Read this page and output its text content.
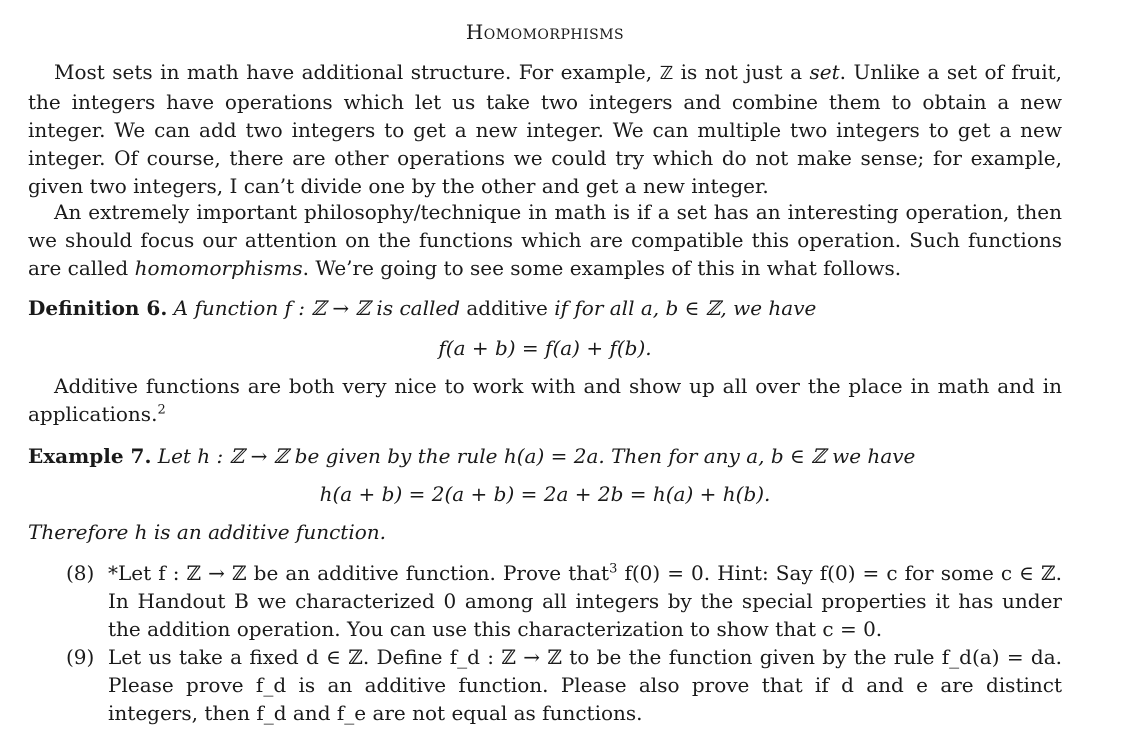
Homomorphisms
Most sets in math have additional structure. For example, ℤ is not just a set. Unlike a set of fruit, the integers have operations which let us take two integers and combine them to obtain a new integer. We can add two integers to get a new integer. We can multiple two integers to get a new integer. Of course, there are other operations we could try which do not make sense; for example, given two integers, I can’t divide one by the other and get a new integer.
An extremely important philosophy/technique in math is if a set has an interesting operation, then we should focus our attention on the functions which are compatible this operation. Such functions are called homomorphisms. We’re going to see some examples of this in what follows.
Definition 6. A function f : ℤ → ℤ is called additive if for all a, b ∈ ℤ, we have
f(a + b) = f(a) + f(b).
Additive functions are both very nice to work with and show up all over the place in math and in applications.$^2$
Example 7. Let h : ℤ → ℤ be given by the rule h(a) = 2a. Then for any a, b ∈ ℤ we have
h(a + b) = 2(a + b) = 2a + 2b = h(a) + h(b).
Therefore h is an additive function.
(8) *Let f : ℤ → ℤ be an additive function. Prove that$^3$ f(0) = 0. Hint: Say f(0) = c for some c ∈ ℤ. In Handout B we characterized 0 among all integers by the special properties it has under the addition operation. You can use this characterization to show that c = 0.
(9) Let us take a fixed d ∈ ℤ. Define f_d : ℤ → ℤ to be the function given by the rule f_d(a) = da. Please prove f_d is an additive function. Please also prove that if d and e are distinct integers, then f_d and f_e are not equal as functions.
